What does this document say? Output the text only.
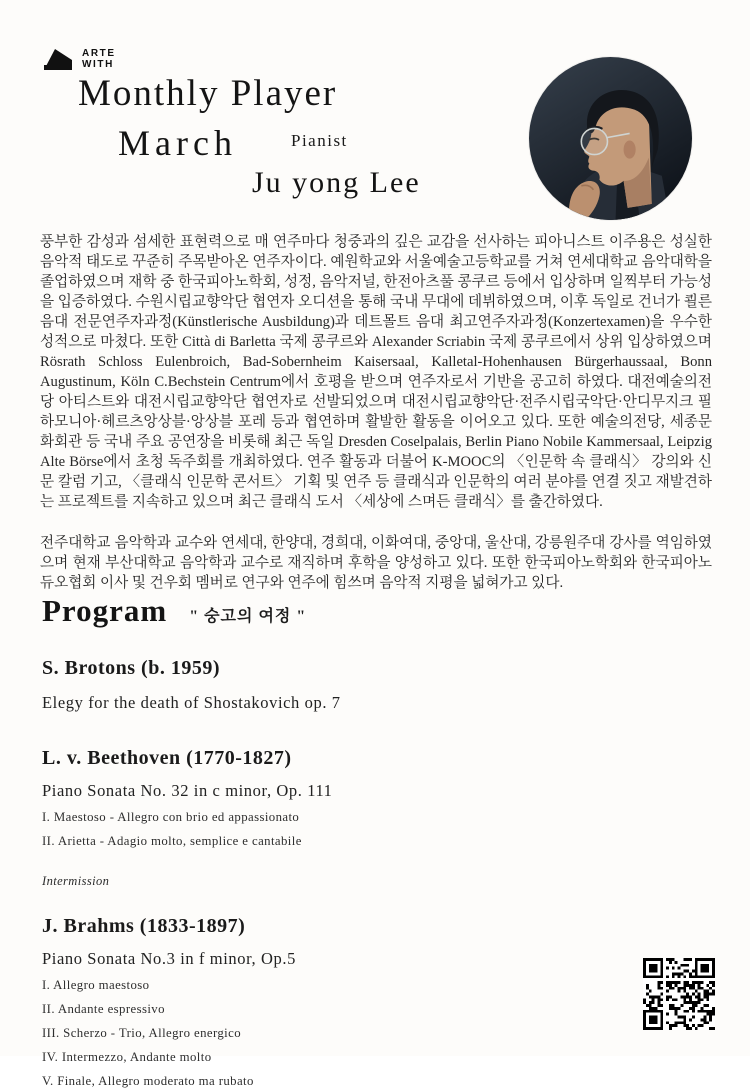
ARTE
WITH
Monthly Player
March	Pianist
Ju yong Lee

풍부한 감성과 섬세한 표현력으로 매 연주마다 청중과의 깊은 교감을 선사하는 피아니스트 이주용은 성실한 음악적 태도로 꾸준히 주목받아온 연주자이다. 예원학교와 서울예술고등학교를 거쳐 연세대학교 음악대학을 졸업하였으며 재학 중 한국피아노학회, 성정, 음악저널, 한전아츠풀 콩쿠르 등에서 입상하며 일찍부터 가능성을 입증하였다. 수원시립교향악단 협연자 오디션을 통해 국내 무대에 데뷔하였으며, 이후 독일로 건너가 쾰른 음대 전문연주자과정(Künstlerische Ausbildung)과 데트몰트 음대 최고연주자과정(Konzertexamen)을 우수한 성적으로 마쳤다. 또한 Città di Barletta 국제 콩쿠르와 Alexander Scriabin 국제 콩쿠르에서 상위 입상하였으며 Rösrath Schloss Eulenbroich, Bad-Sobernheim Kaisersaal, Kalletal-Hohenhausen Bürgerhaussaal, Bonn Augustinum, Köln C.Bechstein Centrum에서 호평을 받으며 연주자로서 기반을 공고히 하였다. 대전예술의전당 아티스트와 대전시립교향악단 협연자로 선발되었으며 대전시립교향악단·전주시립국악단·안디무지크 필하모니아·헤르츠앙상블·앙상블 포레 등과 협연하며 활발한 활동을 이어오고 있다. 또한 예술의전당, 세종문화회관 등 국내 주요 공연장을 비롯해 최근 독일 Dresden Coselpalais, Berlin Piano Nobile Kammersaal, Leipzig Alte Börse에서 초청 독주회를 개최하였다. 연주 활동과 더불어 K-MOOC의 〈인문학 속 클래식〉 강의와 신문 칼럼 기고, 〈클래식 인문학 콘서트〉 기획 및 연주 등 클래식과 인문학의 여러 분야를 연결 짓고 재발견하는 프로젝트를 지속하고 있으며 최근 클래식 도서 〈세상에 스며든 클래식〉를 출간하였다.

전주대학교 음악학과 교수와 연세대, 한양대, 경희대, 이화여대, 중앙대, 울산대, 강릉원주대 강사를 역임하였으며 현재 부산대학교 음악학과 교수로 재직하며 후학을 양성하고 있다. 또한 한국피아노학회와 한국피아노듀오협회 이사 및 건우회 멤버로 연구와 연주에 힘쓰며 음악적 지평을 넓혀가고 있다.

Program " 숭고의 여정 "
S. Brotons (b. 1959)

Elegy for the death of Shostakovich op. 7

L. v. Beethoven (1770-1827)

Piano Sonata No. 32 in c minor, Op. 111

I. Maestoso - Allegro con brio ed appassionato
II. Arietta - Adagio molto, semplice e cantabile
Intermission
J. Brahms (1833-1897)

Piano Sonata No.3 in f minor, Op.5

I. Allegro maestoso
II. Andante espressivo
III. Scherzo - Trio, Allegro energico
IV. Intermezzo, Andante molto
V. Finale, Allegro moderato ma rubato
